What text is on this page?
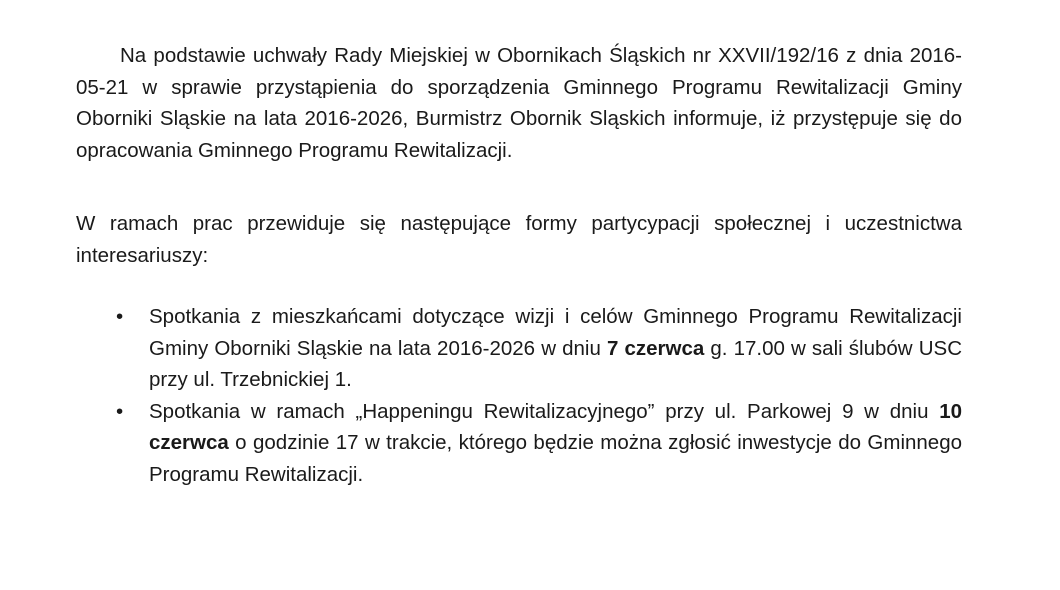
Na podstawie uchwały Rady Miejskiej w Obornikach Śląskich nr XXVII/192/16 z dnia 2016-05-21 w sprawie przystąpienia do sporządzenia Gminnego Programu Rewitalizacji Gminy Oborniki Sląskie na lata 2016-2026, Burmistrz Obornik Sląskich informuje, iż przystępuje się do opracowania Gminnego Programu Rewitalizacji.

W ramach prac przewiduje się następujące formy partycypacji społecznej i uczestnictwa interesariuszy:

• Spotkania z mieszkańcami dotyczące wizji i celów Gminnego Programu Rewitalizacji Gminy Oborniki Sląskie na lata 2016-2026 w dniu 7 czerwca g. 17.00 w sali ślubów USC przy ul. Trzebnickiej 1.
• Spotkania w ramach „Happeningu Rewitalizacyjnego” przy ul. Parkowej 9 w dniu 10 czerwca o godzinie 17 w trakcie, którego będzie można zgłosić inwestycje do Gminnego Programu Rewitalizacji.
